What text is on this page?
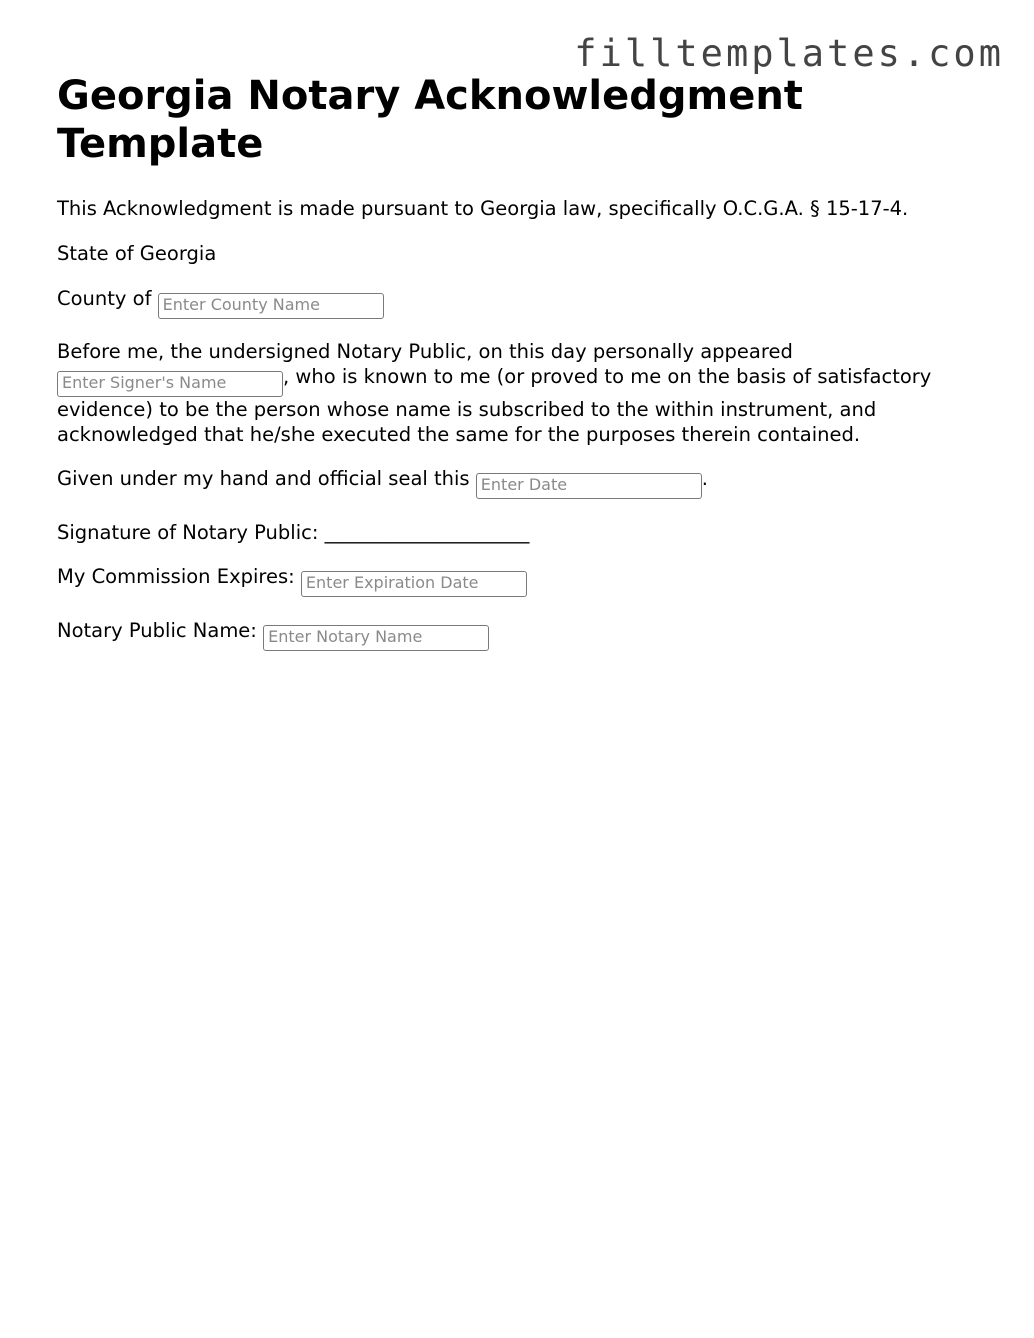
filltemplates.com
Georgia Notary Acknowledgment Template

This Acknowledgment is made pursuant to Georgia law, specifically O.C.G.A. § 15-17-4.

State of Georgia

County of Enter County Name

Before me, the undersigned Notary Public, on this day personally appeared Enter Signer's Name, who is known to me (or proved to me on the basis of satisfactory evidence) to be the person whose name is subscribed to the within instrument, and acknowledged that he/she executed the same for the purposes therein contained.

Given under my hand and official seal this Enter Date	.

Signature of Notary Public: _____________________

My Commission Expires: Enter Expiration Date

Notary Public Name: Enter Notary Name
